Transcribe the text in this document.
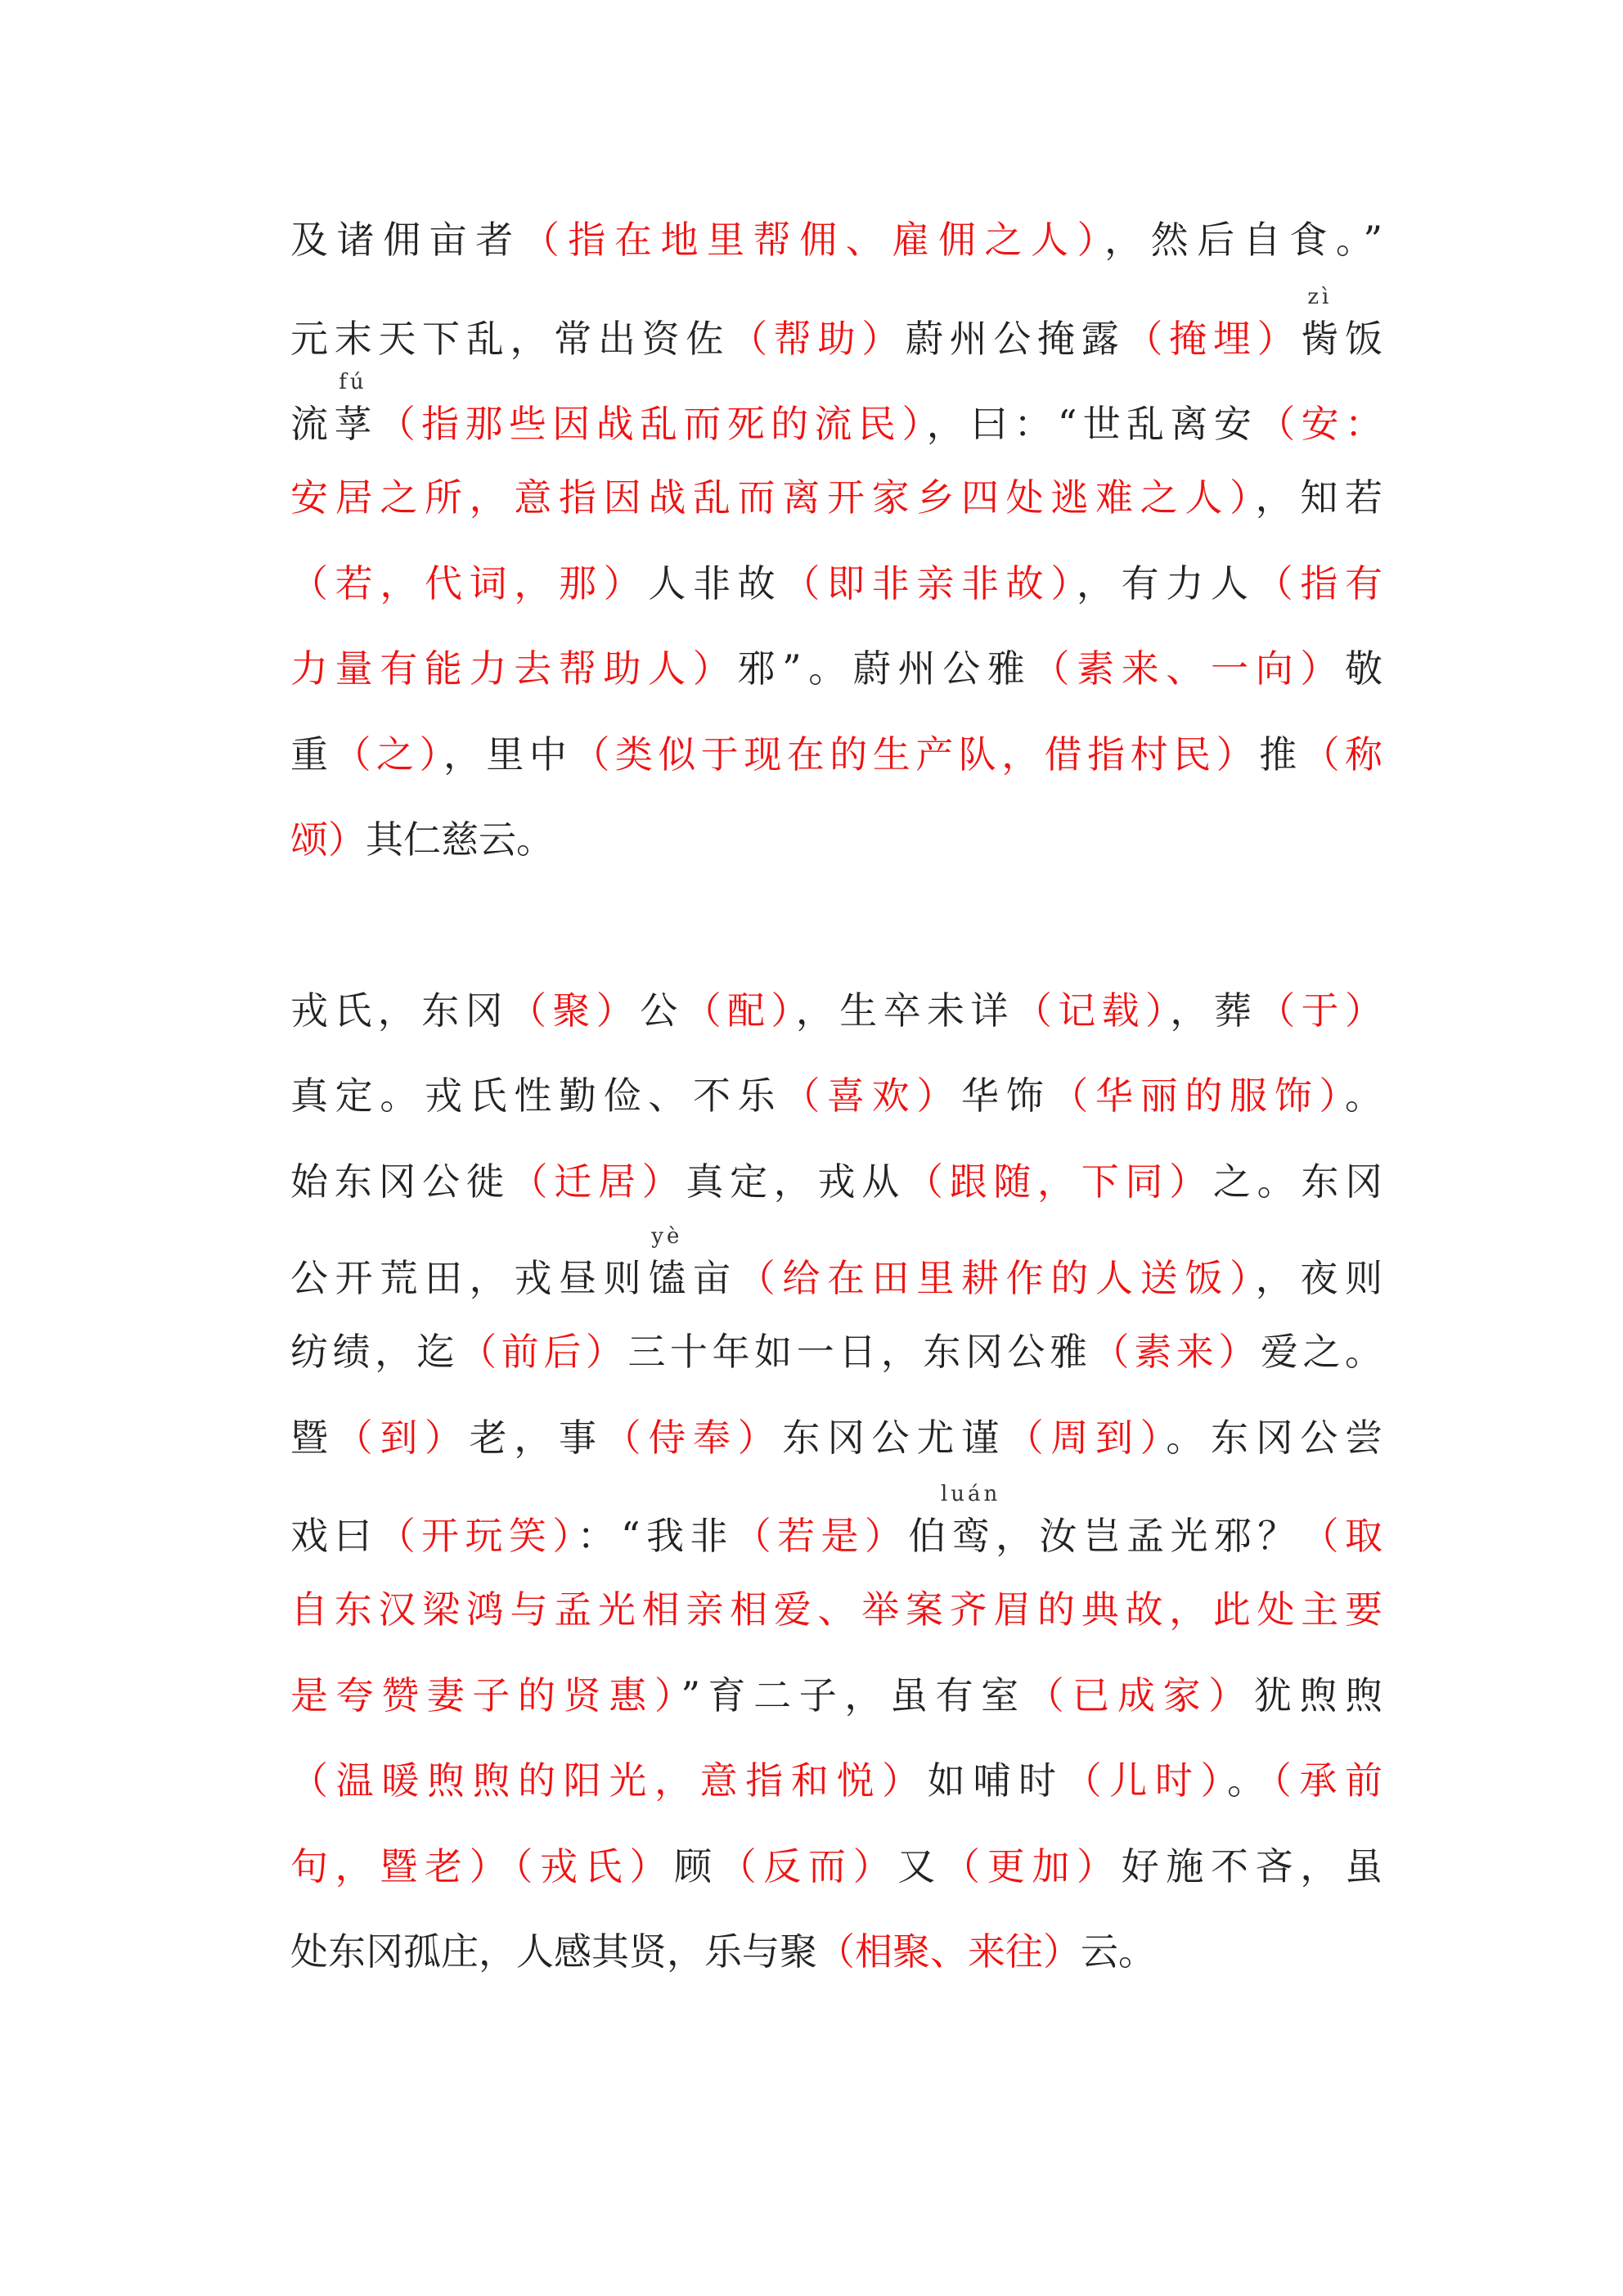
及诸佣亩者（指在地里帮佣、雇佣之人），然后自食。”
元末天下乱，常出资佐（帮助）蔚州公掩露（掩埋）胔
zì
饭
流莩
fú
（指那些因战乱而死的流民），曰：“世乱离安（安：
安居之所，意指因战乱而离开家乡四处逃难之人），知若
（若，代词，那）人非故（即非亲非故），有力人（指有
力量有能力去帮助人）邪”。蔚州公雅（素来、一向）敬
重（之），里中（类似于现在的生产队，借指村民）推（称
颂）其仁慈云。
戎氏，东冈（聚）公（配），生卒未详（记载），葬（于）
真定。戎氏性勤俭、不乐（喜欢）华饰（华丽的服饰）。
始东冈公徙（迁居）真定，戎从（跟随，下同）之。东冈
公开荒田，戎昼则馌
yè
亩（给在田里耕作的人送饭），夜则
纺绩，迄（前后）三十年如一日，东冈公雅（素来）爱之。
暨（到）老，事（侍奉）东冈公尤谨（周到）。东冈公尝
戏曰（开玩笑）：“我非（若是）伯鸾
luán
，汝岂孟光邪？（取
自东汉梁鸿与孟光相亲相爱、举案齐眉的典故，此处主要
是夸赞妻子的贤惠）”育二子，虽有室（已成家）犹煦煦
（温暖煦煦的阳光，意指和悦）如哺时（儿时）。（承前
句，暨老）（戎氏）顾（反而）又（更加）好施不吝，虽
处东冈孤庄，人感其贤，乐与聚（相聚、来往）云。
